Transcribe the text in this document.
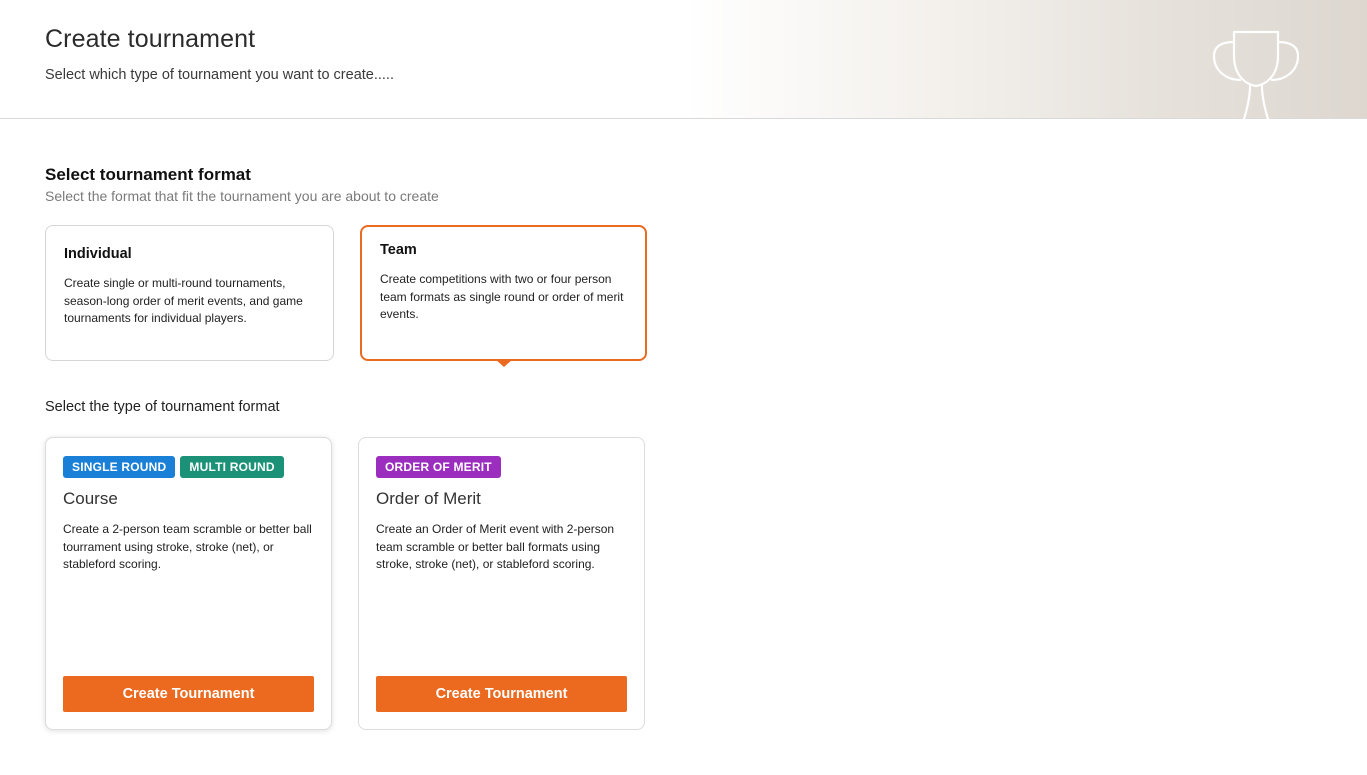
Create tournament
Select which type of tournament you want to create.....
Select tournament format
Select the format that fit the tournament you are about to create
Individual

Create single or multi-round tournaments, season-long order of merit events, and game tournaments for individual players.

Team

Create competitions with two or four person team formats as single round or order of merit events.

Select the type of tournament format
SINGLE ROUND	MULTI ROUND
Course

Create a 2-person team scramble or better ball tourrament using stroke, stroke (net), or stableford scoring.

Create Tournament
ORDER OF MERIT
Order of Merit

Create an Order of Merit event with 2-person team scramble or better ball formats using stroke, stroke (net), or stableford scoring.

Create Tournament
